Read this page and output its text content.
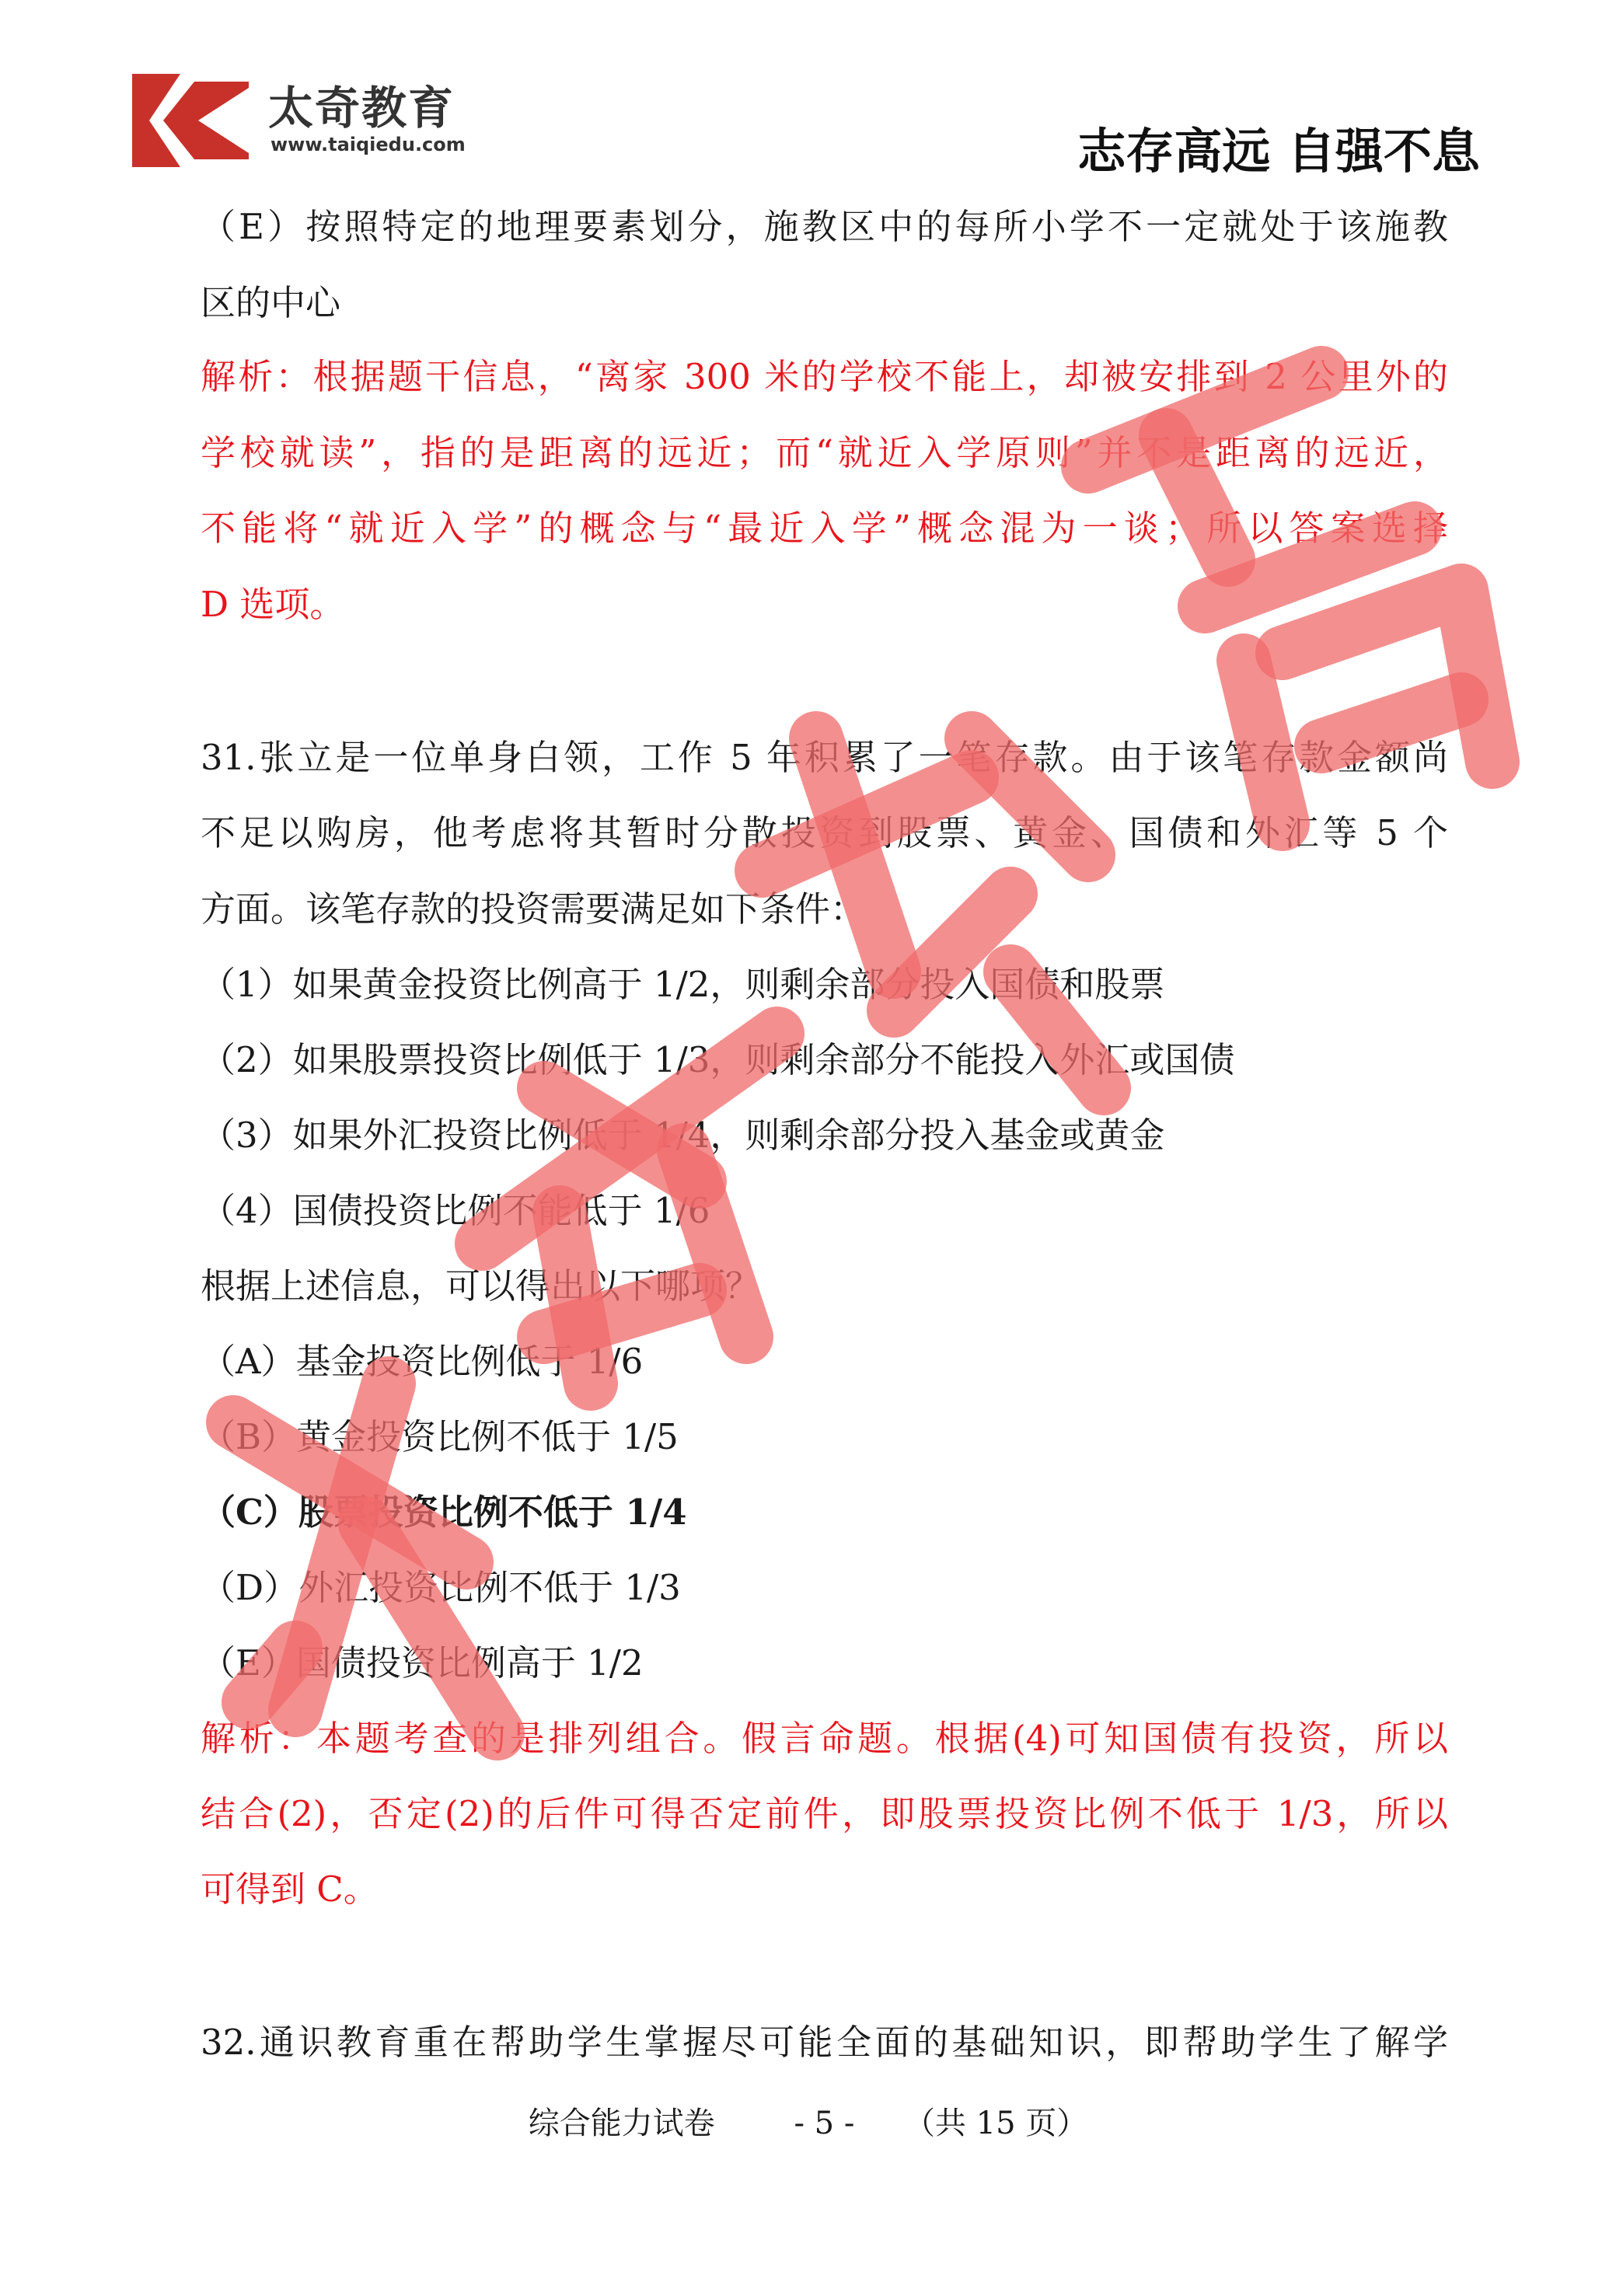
太奇教育
www.taiqiedu.com	志存高远 自强不息
（E）按照特定的地理要素划分，施教区中的每所小学不一定就处于该施教
区的中心
解析：根据题干信息，“离家 300 米的学校不能上，却被安排到 2 公里外的
学校就读”，指的是距离的远近；而“就近入学原则”并不是距离的远近，
不能将“就近入学”的概念与“最近入学”概念混为一谈；所以答案选择
D 选项。
31.张立是一位单身白领，工作 5 年积累了一笔存款。由于该笔存款金额尚
不足以购房，他考虑将其暂时分散投资到股票、黄金、国债和外汇等 5 个
方面。该笔存款的投资需要满足如下条件：
（1）如果黄金投资比例高于 1/2，则剩余部分投入国债和股票
（2）如果股票投资比例低于 1/3，则剩余部分不能投入外汇或国债
（3）如果外汇投资比例低于 1/4，则剩余部分投入基金或黄金
（4）国债投资比例不能低于 1/6
根据上述信息，可以得出以下哪项？
（A）基金投资比例低于 1/6
（B）黄金投资比例不低于 1/5
（C）股票投资比例不低于 1/4
（D）外汇投资比例不低于 1/3
（E）国债投资比例高于 1/2
解析：本题考查的是排列组合。假言命题。根据(4)可知国债有投资，所以
结合(2)，否定(2)的后件可得否定前件，即股票投资比例不低于 1/3，所以
可得到 C。
32.通识教育重在帮助学生掌握尽可能全面的基础知识，即帮助学生了解学
综合能力试卷	- 5 - （共 15 页）
